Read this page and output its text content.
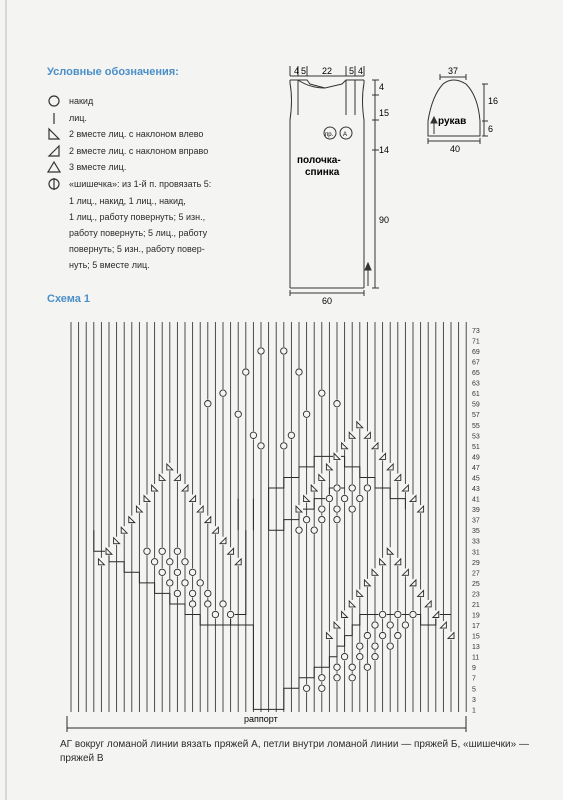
Условные обозначения:
накид
лиц.
2 вместе лиц. с наклоном влево
2 вместе лиц. с наклоном вправо
3 вместе лиц.
«шишечка»: из 1-й п. провязать 5:
1 лиц., накид, 1 лиц., накид,
1 лиц., работу повернуть; 5 изн.,
работу повернуть; 5 лиц., работу
повернуть; 5 изн., работу повер-
нуть; 5 вместе лиц.
4 5 22 5 4
4
15
14
90
60
пр. А
полочка-
спинка
37
16
6
40
рукав
Схема 1
73
71
69
67
65
63
61
59
57
55
53
51
49
47
45
43
41
39
37
35
33
31
29
27
25
23
21
19
17
15
13
11
9
7
5
3
1
раппорт
АГ вокруг ломаной линии вязать пряжей А, петли внутри ломаной линии — пряжей Б, «шишечки» — пряжей В
